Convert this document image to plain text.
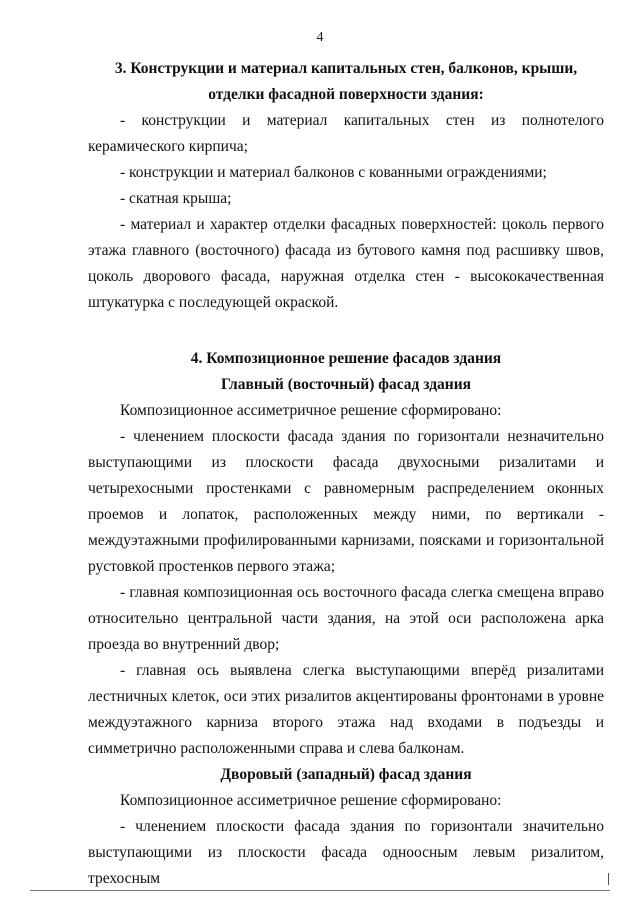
4

3. Конструкции и материал капитальных стен, балконов, крыши,

отделки фасадной поверхности здания:

- конструкции и материал капитальных стен из полнотелого керамического кирпича;

- конструкции и материал балконов с кованными ограждениями;

- скатная крыша;

- материал и характер отделки фасадных поверхностей: цоколь первого этажа главного (восточного) фасада из бутового камня под расшивку швов, цоколь дворового фасада, наружная отделка стен - высококачественная штукатурка с последующей окраской.

4. Композиционное решение фасадов здания

Главный (восточный) фасад здания

Композиционное ассиметричное решение сформировано:

- членением плоскости фасада здания по горизонтали незначительно выступающими из плоскости фасада двухосными ризалитами и четырехосными простенками с равномерным распределением оконных проемов и лопаток, расположенных между ними, по вертикали - междуэтажными профилированными карнизами, поясками и горизонтальной рустовкой простенков первого этажа;

- главная композиционная ось восточного фасада слегка смещена вправо относительно центральной части здания, на этой оси расположена арка проезда во внутренний двор;

- главная ось выявлена слегка выступающими вперёд ризалитами лестничных клеток, оси этих ризалитов акцентированы фронтонами в уровне междуэтажного карниза второго этажа над входами в подъезды и симметрично расположенными справа и слева балконам.

Дворовый (западный) фасад здания

Композиционное ассиметричное решение сформировано:

- членением плоскости фасада здания по горизонтали значительно выступающими из плоскости фасада одноосным левым ризалитом, трехосным
